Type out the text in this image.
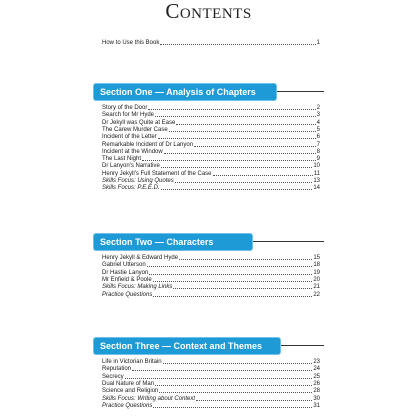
Contents
How to Use this Book	1
Section One — Analysis of Chapters
Story of the Door	2
Search for Mr Hyde	3
Dr Jekyll was Quite at Ease	4
The Carew Murder Case	5
Incident of the Letter	6
Remarkable Incident of Dr Lanyon	7
Incident at the Window	8
The Last Night	9
Dr Lanyon's Narrative	10
Henry Jekyll's Full Statement of the Case	11
Skills Focus: Using Quotes	13
Skills Focus: P.E.E.D.	14
Section Two — Characters
Henry Jekyll & Edward Hyde	15
Gabriel Utterson	18
Dr Hastie Lanyon	19
Mr Enfield & Poole	20
Skills Focus: Making Links	21
Practice Questions	22
Section Three — Context and Themes
Life in Victorian Britain	23
Reputation	24
Secrecy	25
Dual Nature of Man	26
Science and Religion	28
Skills Focus: Writing about Context	30
Practice Questions	31
